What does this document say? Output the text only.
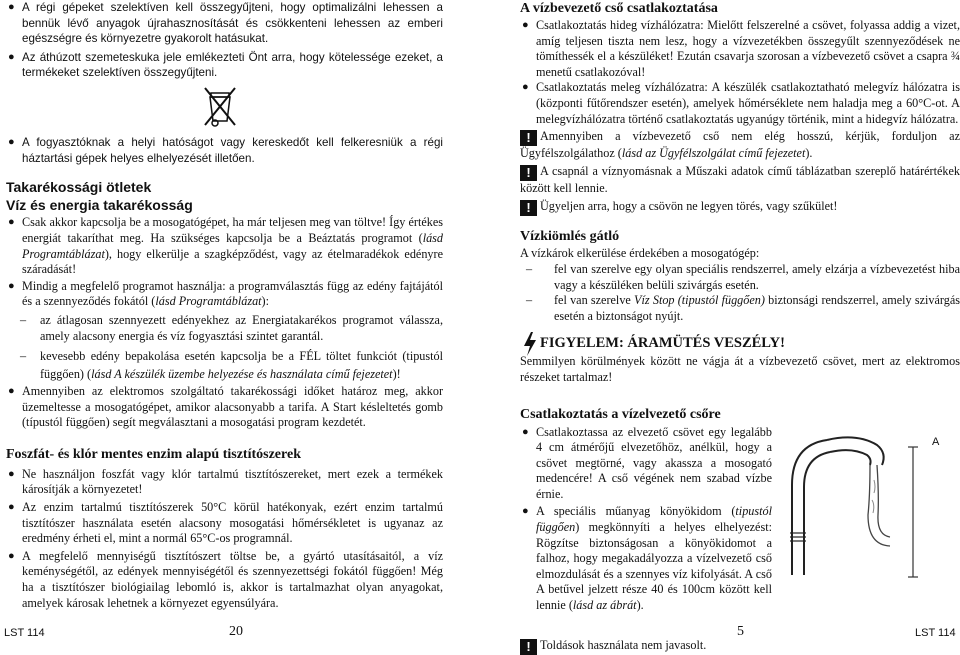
● A régi gépeket szelektíven kell összegyűjteni, hogy optimalizálni lehessen a bennük lévő anyagok újrahasznosítását és csökkenteni lehessen az emberi egészségre és környezetre gyakorolt hatásukat.
● Az áthúzott szemeteskuka jele emlékezteti Önt arra, hogy kötelessége ezeket, a termékeket szelektíven összegyűjteni.
● A fogyasztóknak a helyi hatóságot vagy kereskedőt kell felkeresniük a régi háztartási gépek helyes elhelyezését illetően.
Takarékossági ötletek
Víz és energia takarékosság
● Csak akkor kapcsolja be a mosogatógépet, ha már teljesen meg van töltve! Így értékes energiát takaríthat meg. Ha szükséges kapcsolja be a Beáztatás programot (lásd Programtáblázat), hogy elkerülje a szagképződést, vagy az ételmaradékok edényre száradását!
● Mindig a megfelelő programot használja: a programválasztás függ az edény fajtájától és a szennyeződés fokától (lásd Programtáblázat):
– az átlagosan szennyezett edényekhez az Energiatakarékos programot válassza, amely alacsony energia és víz fogyasztási szintet garantál.
– kevesebb edény bepakolása esetén kapcsolja be a FÉL töltet funkciót (tipustól függően) (lásd A készülék üzembe helyezése és használata című fejezetet)!
● Amennyiben az elektromos szolgáltató takarékossági időket határoz meg, akkor üzemeltesse a mosogatógépet, amikor alacsonyabb a tarifa. A Start késleltetés gomb (típustól függően) segít megválasztani a mosogatási program kezdetét.
Foszfát- és klór mentes enzim alapú tisztítószerek
● Ne használjon foszfát vagy klór tartalmú tisztítószereket, mert ezek a termékek károsítják a környezetet!
● Az enzim tartalmú tisztítószerek 50°C körül hatékonyak, ezért enzim tartalmú tisztítószer használata esetén alacsony mosogatási hőmérsékletet is ugyanaz az eredmény érheti el, mint a normál 65°C-os programnál.
● A megfelelő mennyiségű tisztítószert töltse be, a gyártó utasításaitól, a víz keménységétől, az edények mennyiségétől és szennyezettségi fokától függően! Még ha a tisztítószer biológiailag lebomló is, akkor is tartalmazhat olyan anyagokat, amelyek károsak lehetnek a környezet egyensúlyára.
A vízbevezető cső csatlakoztatása
● Csatlakoztatás hideg vízhálózatra: Mielőtt felszerelné a csövet, folyassa addig a vizet, amíg teljesen tiszta nem lesz, hogy a vízvezetékben összegyűlt szennyeződések ne tömíthessék el a készüléket! Ezután csavarja szorosan a vízbevezető csövet a csapra ¾ menetű csatlakozóval!
● Csatlakoztatás meleg vízhálózatra: A készülék csatlakoztatható melegvíz hálózatra is (központi fűtőrendszer esetén), amelyek hőmérséklete nem haladja meg a 60°C-ot. A melegvízhálózatra történő csatlakoztatás ugyanúgy történik, mint a hidegvíz hálózatra.

! Amennyiben a vízbevezető cső nem elég hosszú, kérjük, forduljon az Ügyfélszolgálathoz (lásd az Ügyfélszolgálat című fejezetet).

! A csapnál a víznyomásnak a Műszaki adatok című táblázatban szereplő határértékek között kell lennie.

! Ügyeljen arra, hogy a csövön ne legyen törés, vagy szűkület!

Vízkiömlés gátló

A vízkárok elkerülése érdekében a mosogatógép:

– fel van szerelve egy olyan speciális rendszerrel, amely elzárja a vízbevezetést hiba vagy a készüléken belüli szivárgás esetén.
– fel van szerelve Víz Stop (tipustól függően) biztonsági rendszerrel, amely szivárgás esetén a biztonságot nyújt.
FIGYELEM: ÁRAMÜTÉS VESZÉLY!

Semmilyen körülmények között ne vágja át a vízbevezető csövet, mert az elektromos részeket tartalmaz!

Csatlakoztatás a vízelvezető csőre
● Csatlakoztassa az elvezető csövet egy legalább 4 cm átmérőjű elvezetőhöz, anélkül, hogy a csövet megtörné, vagy akassza a mosogató medencére! A cső végének nem szabad vízbe érnie.
● A speciális műanyag könyökidom (tipustól függően) megkönnyíti a helyes elhelyezést: Rögzítse biztonságosan a könyökidomot a falhoz, hogy megakadályozza a vízelvezető cső elmozdulását és a szennyes víz kifolyását. A cső A betűvel jelzett része 40 és 100cm között kell lennie (lásd az ábrát).
A

! Toldások használata nem javasolt.

LST 114	20	5	LST 114
